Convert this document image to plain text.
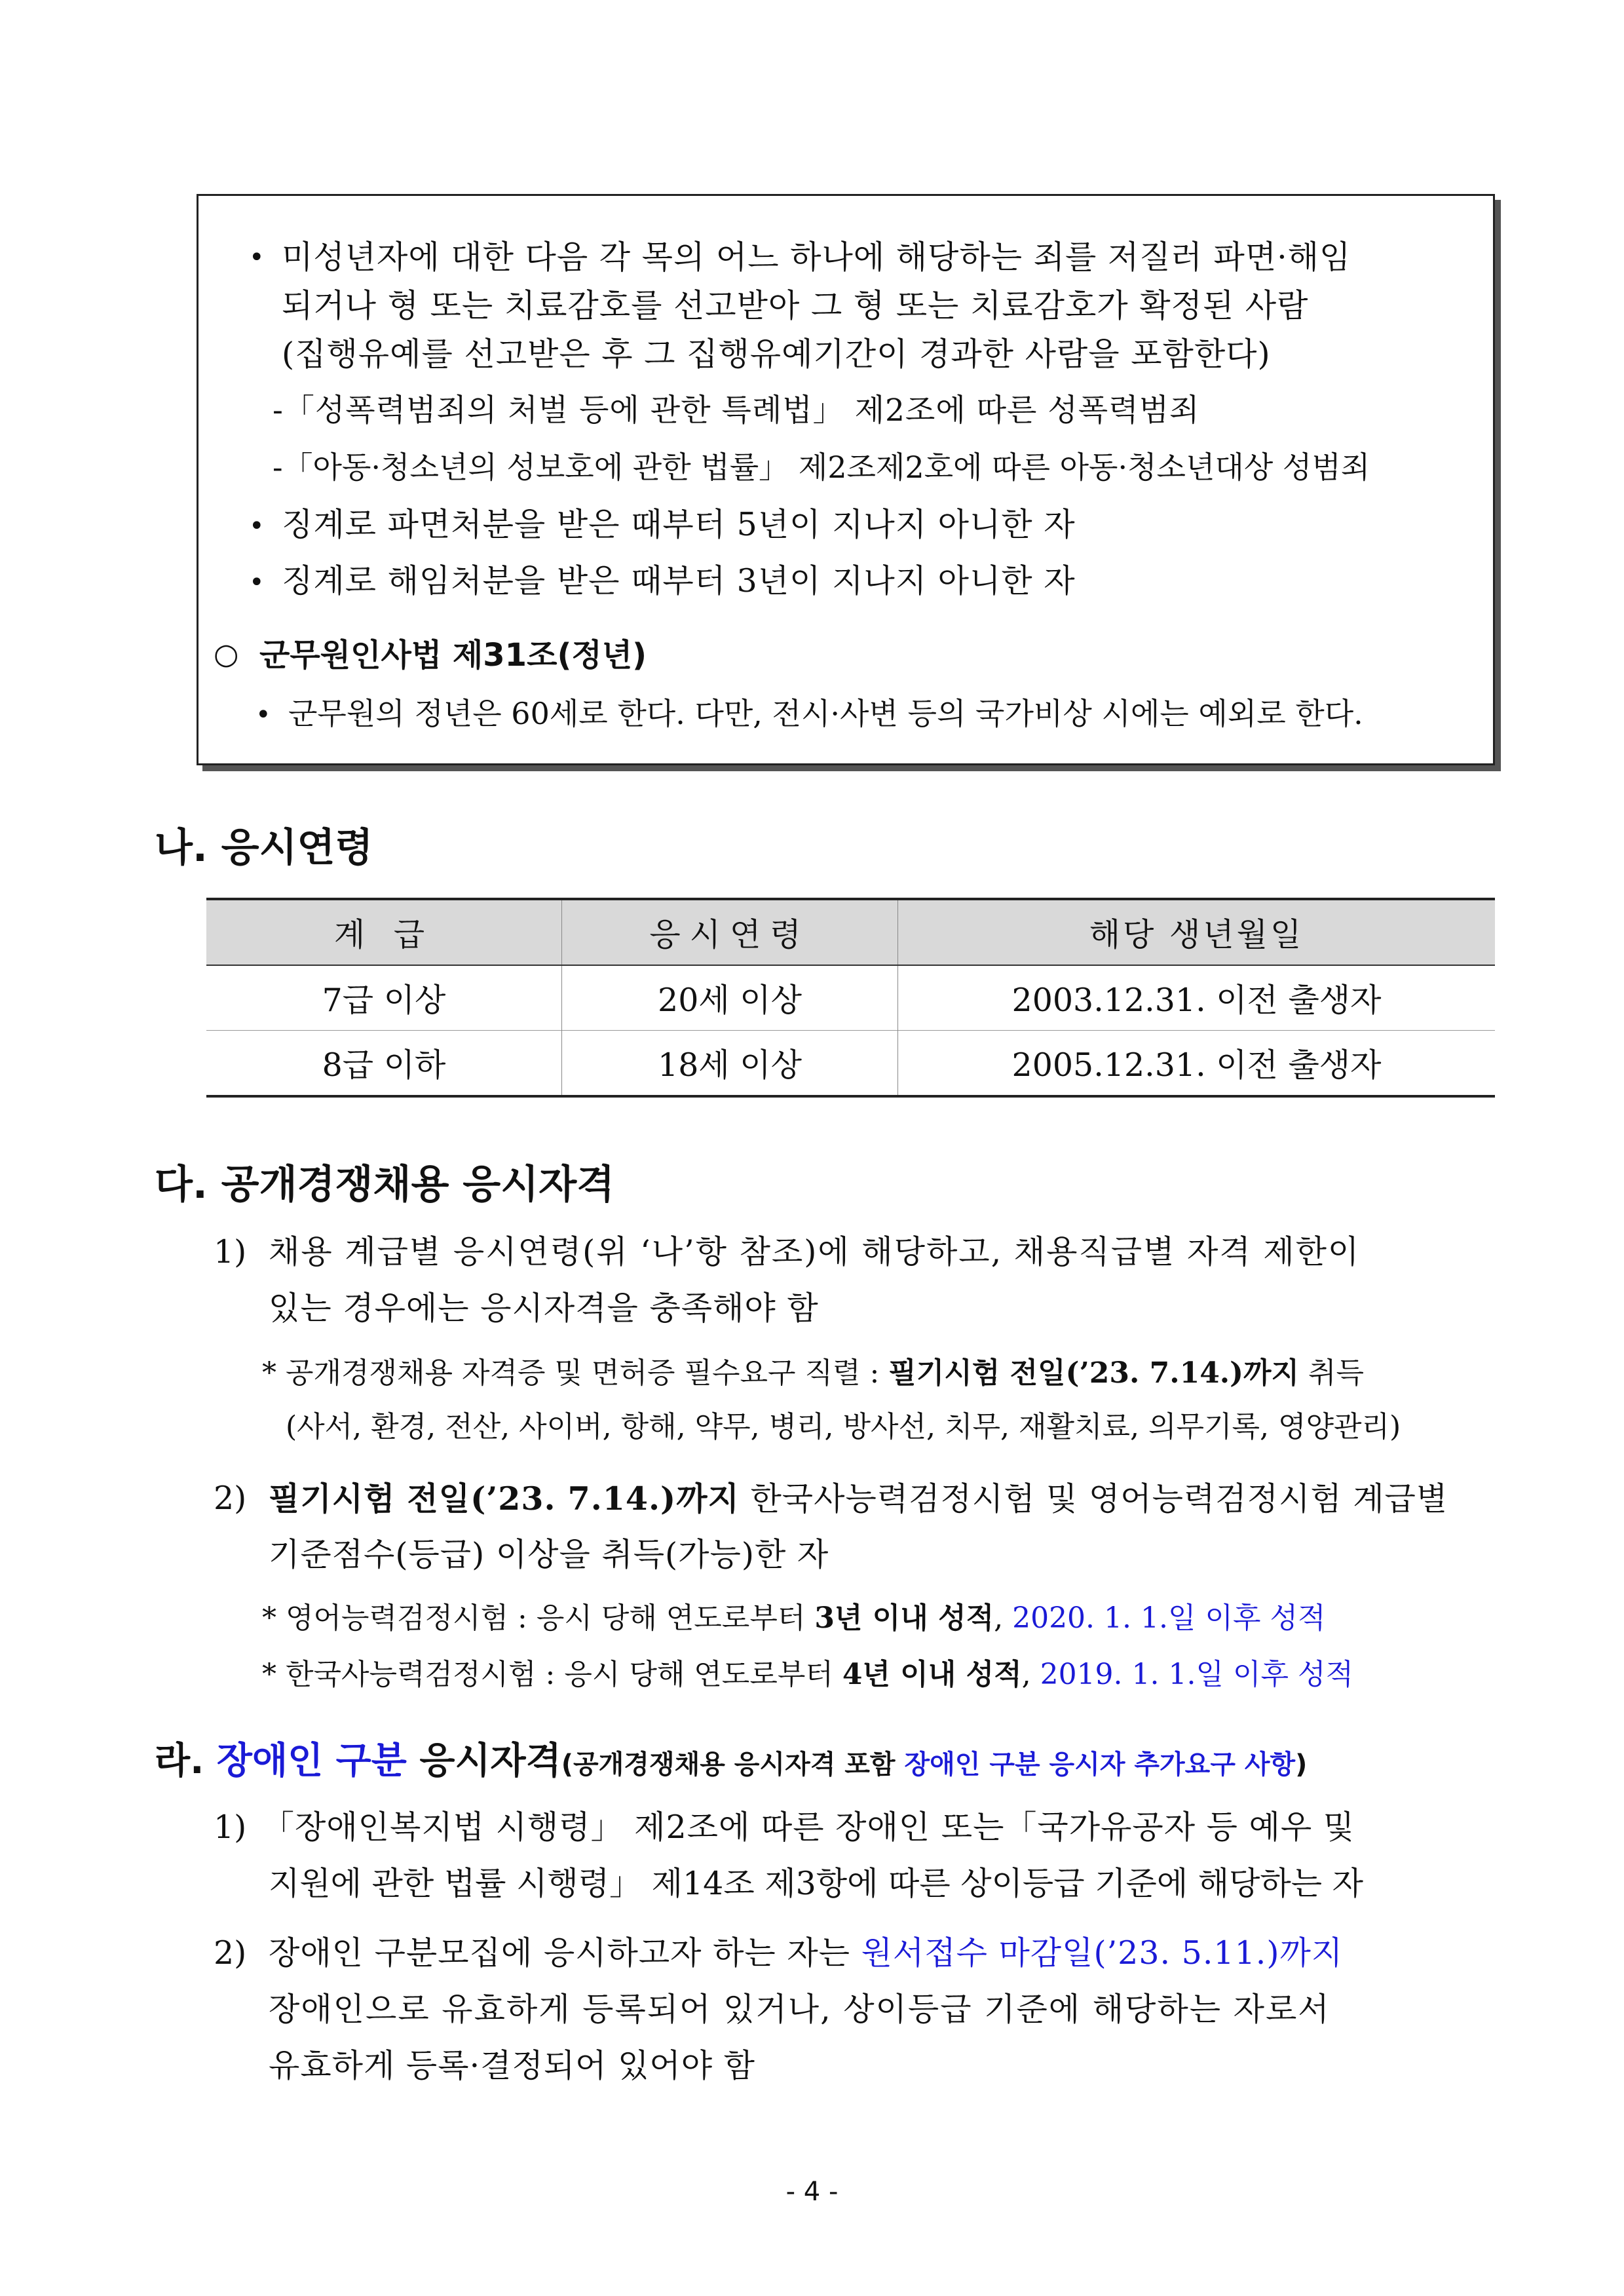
• 미성년자에 대한 다음 각 목의 어느 하나에 해당하는 죄를 저질러 파면·해임
되거나 형 또는 치료감호를 선고받아 그 형 또는 치료감호가 확정된 사람
(집행유예를 선고받은 후 그 집행유예기간이 경과한 사람을 포함한다)
-「성폭력범죄의 처벌 등에 관한 특례법」 제2조에 따른 성폭력범죄
-「아동·청소년의 성보호에 관한 법률」 제2조제2호에 따른 아동·청소년대상 성범죄
• 징계로 파면처분을 받은 때부터 5년이 지나지 아니한 자
• 징계로 해임처분을 받은 때부터 3년이 지나지 아니한 자
○ 군무원인사법 제31조(정년)
• 군무원의 정년은 60세로 한다. 다만, 전시·사변 등의 국가비상 시에는 예외로 한다.
나. 응시연령
계 급	응시연령	해당 생년월일
7급 이상	20세 이상	2003.12.31. 이전 출생자
8급 이하	18세 이상	2005.12.31. 이전 출생자
다. 공개경쟁채용 응시자격
1) 채용 계급별 응시연령(위 ‘나’항 참조)에 해당하고, 채용직급별 자격 제한이
있는 경우에는 응시자격을 충족해야 함
* 공개경쟁채용 자격증 및 면허증 필수요구 직렬 : 필기시험 전일(’23. 7.14.)까지 취득
(사서, 환경, 전산, 사이버, 항해, 약무, 병리, 방사선, 치무, 재활치료, 의무기록, 영양관리)
2) 필기시험 전일(’23. 7.14.)까지 한국사능력검정시험 및 영어능력검정시험 계급별
기준점수(등급) 이상을 취득(가능)한 자
* 영어능력검정시험 : 응시 당해 연도로부터 3년 이내 성적, 2020. 1. 1.일 이후 성적
* 한국사능력검정시험 : 응시 당해 연도로부터 4년 이내 성적, 2019. 1. 1.일 이후 성적
라. 장애인 구분 응시자격(공개경쟁채용 응시자격 포함 장애인 구분 응시자 추가요구 사항)
1) 「장애인복지법 시행령」 제2조에 따른 장애인 또는「국가유공자 등 예우 및
지원에 관한 법률 시행령」 제14조 제3항에 따른 상이등급 기준에 해당하는 자
2) 장애인 구분모집에 응시하고자 하는 자는 원서접수 마감일(’23. 5.11.)까지
장애인으로 유효하게 등록되어 있거나, 상이등급 기준에 해당하는 자로서
유효하게 등록·결정되어 있어야 함
- 4 -
